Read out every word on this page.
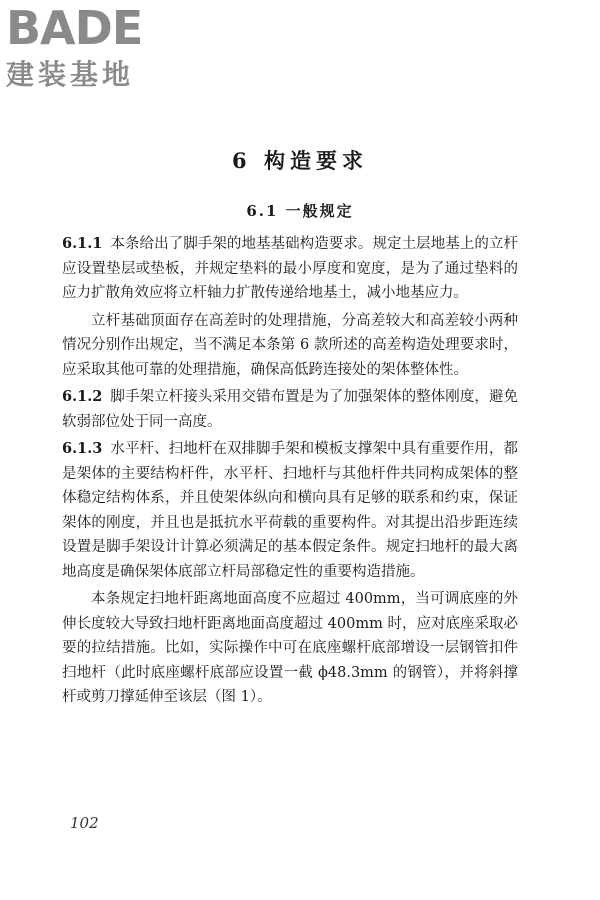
BADE
建装基地
6 构造要求
6.1 一般规定

6.1.1 本条给出了脚手架的地基基础构造要求。规定土层地基上的立杆应设置垫层或垫板，并规定垫料的最小厚度和宽度，是为了通过垫料的应力扩散角效应将立杆轴力扩散传递给地基土，减小地基应力。

立杆基础顶面存在高差时的处理措施，分高差较大和高差较小两种情况分别作出规定，当不满足本条第 6 款所述的高差构造处理要求时，应采取其他可靠的处理措施，确保高低跨连接处的架体整体性。

6.1.2 脚手架立杆接头采用交错布置是为了加强架体的整体刚度，避免软弱部位处于同一高度。

6.1.3 水平杆、扫地杆在双排脚手架和模板支撑架中具有重要作用，都是架体的主要结构杆件，水平杆、扫地杆与其他杆件共同构成架体的整体稳定结构体系，并且使架体纵向和横向具有足够的联系和约束，保证架体的刚度，并且也是抵抗水平荷载的重要构件。对其提出沿步距连续设置是脚手架设计计算必须满足的基本假定条件。规定扫地杆的最大离地高度是确保架体底部立杆局部稳定性的重要构造措施。

本条规定扫地杆距离地面高度不应超过 400mm，当可调底座的外伸长度较大导致扫地杆距离地面高度超过 400mm 时，应对底座采取必要的拉结措施。比如，实际操作中可在底座螺杆底部增设一层钢管扣件扫地杆（此时底座螺杆底部应设置一截 ϕ48.3mm 的钢管），并将斜撑杆或剪刀撑延伸至该层（图 1）。

102
